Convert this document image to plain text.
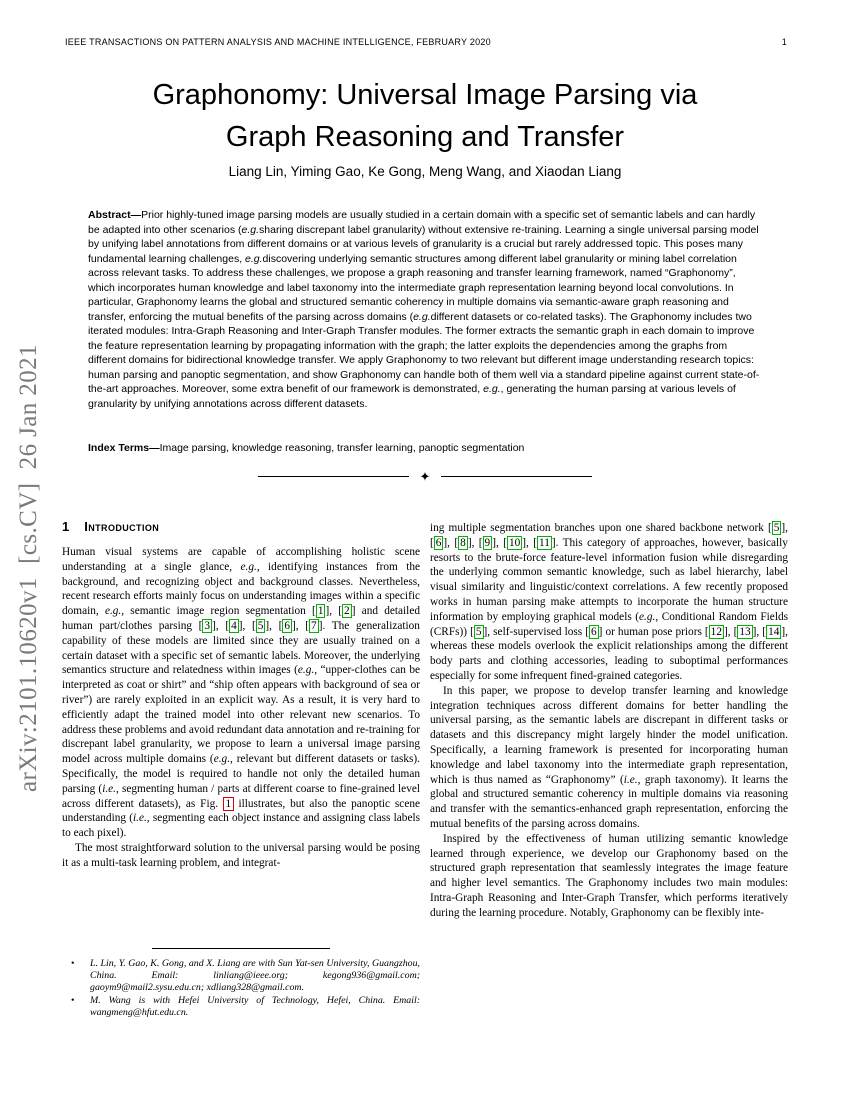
IEEE TRANSACTIONS ON PATTERN ANALYSIS AND MACHINE INTELLIGENCE, FEBRUARY 2020	1
Graphonomy: Universal Image Parsing via
Graph Reasoning and Transfer
Liang Lin, Yiming Gao, Ke Gong, Meng Wang, and Xiaodan Liang
Abstract—Prior highly-tuned image parsing models are usually studied in a certain domain with a specific set of semantic labels and can hardly be adapted into other scenarios (e.g.sharing discrepant label granularity) without extensive re-training. Learning a single universal parsing model by unifying label annotations from different domains or at various levels of granularity is a crucial but rarely addressed topic. This poses many fundamental learning challenges, e.g.discovering underlying semantic structures among different label granularity or mining label correlation across relevant tasks. To address these challenges, we propose a graph reasoning and transfer learning framework, named “Graphonomy”, which incorporates human knowledge and label taxonomy into the intermediate graph representation learning beyond local convolutions. In particular, Graphonomy learns the global and structured semantic coherency in multiple domains via semantic-aware graph reasoning and transfer, enforcing the mutual benefits of the parsing across domains (e.g.different datasets or co-related tasks). The Graphonomy includes two iterated modules: Intra-Graph Reasoning and Inter-Graph Transfer modules. The former extracts the semantic graph in each domain to improve the feature representation learning by propagating information with the graph; the latter exploits the dependencies among the graphs from different domains for bidirectional knowledge transfer. We apply Graphonomy to two relevant but different image understanding research topics: human parsing and panoptic segmentation, and show Graphonomy can handle both of them well via a standard pipeline against current state-of-the-art approaches. Moreover, some extra benefit of our framework is demonstrated, e.g., generating the human parsing at various levels of granularity by unifying annotations across different datasets.
Index Terms—Image parsing, knowledge reasoning, transfer learning, panoptic segmentation
✦
1 Introduction

Human visual systems are capable of accomplishing holistic scene understanding at a single glance, e.g., identifying instances from the background, and recognizing object and background classes. Nevertheless, recent research efforts mainly focus on understanding images within a specific domain, e.g., semantic image region segmentation [ 1 ], [ 2 ] and detailed human part/clothes parsing [ 3 ], [ 4 ], [ 5 ], [ 6 ], [ 7 ]. The generalization capability of these models are limited since they are usually trained on a certain dataset with a specific set of semantic labels. Moreover, the underlying semantics structure and relatedness within images (e.g., “upper-clothes can be interpreted as coat or shirt” and “ship often appears with background of sea or river”) are rarely exploited in an explicit way. As a result, it is very hard to efficiently adapt the trained model into other relevant new scenarios. To address these problems and avoid redundant data annotation and re-training for discrepant label granularity, we propose to learn a universal image parsing model across multiple domains (e.g., relevant but different datasets or tasks). Specifically, the model is required to handle not only the detailed human parsing (i.e., segmenting human / parts at different coarse to fine-grained level across different datasets), as Fig. 1 illustrates, but also the panoptic scene understanding (i.e., segmenting each object instance and assigning class labels to each pixel).

The most straightforward solution to the universal parsing would be posing it as a multi-task learning problem, and integrat-

ing multiple segmentation branches upon one shared backbone network [ 5 ], [ 6 ], [ 8 ], [ 9 ], [ 10 ], [ 11 ]. This category of approaches, however, basically resorts to the brute-force feature-level information fusion while disregarding the underlying common semantic knowledge, such as label hierarchy, label visual similarity and linguistic/context correlations. A few recently proposed works in human parsing make attempts to incorporate the human structure information by employing graphical models (e.g., Conditional Random Fields (CRFs)) [ 5 ], self-supervised loss [ 6 ] or human pose priors [ 12 ], [ 13 ], [ 14 ], whereas these models overlook the explicit relationships among the different body parts and clothing accessories, leading to suboptimal performances especially for some infrequent fined-grained categories.

In this paper, we propose to develop transfer learning and knowledge integration techniques across different domains for better handling the universal parsing, as the semantic labels are discrepant in different tasks or datasets and this discrepancy might largely hinder the model unification. Specifically, a learning framework is presented for incorporating human knowledge and label taxonomy into the intermediate graph representation, which is thus named as “Graphonomy” (i.e., graph taxonomy). It learns the global and structured semantic coherency in multiple domains via reasoning and transfer with the semantics-enhanced graph representation, enforcing the mutual benefits of the parsing across domains.

Inspired by the effectiveness of human utilizing semantic knowledge learned through experience, we develop our Graphonomy based on the structured graph representation that seamlessly integrates the image feature and higher level semantics. The Graphonomy includes two main modules: Intra-Graph Reasoning and Inter-Graph Transfer, which performs iteratively during the learning procedure. Notably, Graphonomy can be flexibly inte-

•	L. Lin, Y. Gao, K. Gong, and X. Liang are with Sun Yat-sen University, Guangzhou, China. Email: linliang@ieee.org; kegong936@gmail.com; gaoym9@mail2.sysu.edu.cn; xdliang328@gmail.com.
•	M. Wang is with Hefei University of Technology, Hefei, China. Email: wangmeng@hfut.edu.cn.
arXiv:2101.10620v1  [cs.CV]  26 Jan 2021
